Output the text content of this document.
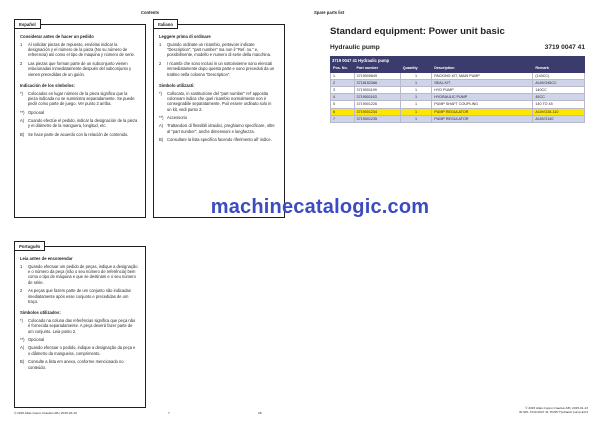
Contents
Español
Considerar antes de hacer un pedido
1	Al solicitar piezas de repuesto, envíelas indicar la designación y el número de la pieza (No su número de referencia) así como el tipo de maquina y número de serie.

2	Las piezas que forman parte de un subconjunto vienen relacionadas inmediatamente después del subconjunto y vienen precedidas de un guión.

Indicación de los símbolos:
*)	Colocados en lugar número de la pieza significa que la pieza indicada no se suministra separadamente. Se puede pedir como parte de juego. Ver punto 2 arriba.

**) Opcional

A) Cuando efectúe el pedido, indicar la designación de la pieza y el diámetro de la manguera, longitud, etc.

B) Se hace parte de acuerdo con la relación de contenido.

Português
Leia antes de encomendar
1	Quando efectuar um pedido de peças, indique a designação e o número da peça (não o seu número de referência) bem como o tipo de máquina e que se destinam e o seu número de série.

2	As peças que fazem parte de um conjunto são indicadas imediatamente após esse conjunto e precedidas de um traço.

Símbolos utilizados:
*)	Colocado na coluna das referências significa que peça não é fornecida separadamente. A peça deverá fazer parte de um conjunto. Leia ponto 2.

**) Opcional

A) Quando efectuar o pedido, indique a designação da peça e o diâmetro da mangueira, comprimento.

B) Consulte a lista em anexo, conforme mencionado no conteúdo.

Italiano
Leggere prima di ordinare
1	Quando ordinate un ricambio, pertavore indicate "Description", "part number" ma non il "Ref. no." e, possibilmente, modello e numero di serie della macchina.

2	I ricambi che sono inclusi in un sottoinsieme sono elencati immediatamente dopo questa parte e sono preceduti da un trattino nella colonna "Description".

Simbolo utilizzati:
*)	Collocato, in sostituzione del "part number" rel' apposita colonnam indica che quel ricambio normalmente non è consegnabile separatamente. Può essere ordinato solo in un kit, vedi punto 2.

**) Accessorio

A) Trattandosi di flessibili idraulici, preghiamo specificare, oltre al "part number", anche dimensioni e lunghezza.

B) Consultare la lista specifica facendo riferimento all' indice.

© 2015 Atlas Copco Craelius AB | 2015-03-10	7
Spare parts list
Standard equipment: Power unit basic
Hydraulic pump	3719 0047 41
3719 0047 41 Hydraulic pump
Pos. No.	Part number	Quantity	Description	Remark
1	3719000849	1	PACKING KIT, MAIN PUMP	(140CC)
2	3718152366	1	SEAL KIT	A10VO45CC
3	3719001199	1	HYD PUMP	140CC
4	3719001163	1	HYDRAULIC PUMP	45CC
5	3719001226	1	PUMP SHAFT COUPLING	140 TO 45
6	3719001234	1	PUMP REGULATOR	A10VO28-110
7	3719001235	1	PUMP REGULATOR	A10VO140
machinecatalogic.com
28
© 2015 Atlas Copco Craelius AB | 2015-01-13
ID SPL 3719 0047 41 'PU65' Hydraulic pump Ed.3
